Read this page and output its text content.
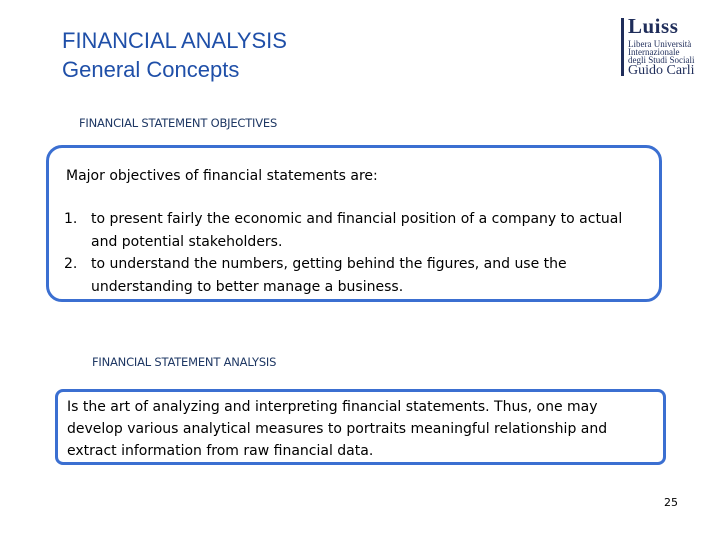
FINANCIAL ANALYSIS
General Concepts
Luiss
Libera Università
Internazionale
degli Studi Sociali
Guido Carli
FINANCIAL STATEMENT OBJECTIVES
Major objectives of financial statements are:
1. to present fairly the economic and financial position of a company to actual and potential stakeholders.
2. to understand the numbers, getting behind the figures, and use the understanding to better manage a business.
FINANCIAL STATEMENT ANALYSIS
Is the art of analyzing and interpreting financial statements. Thus, one may develop various analytical measures to portraits meaningful relationship and extract information from raw financial data.
25
